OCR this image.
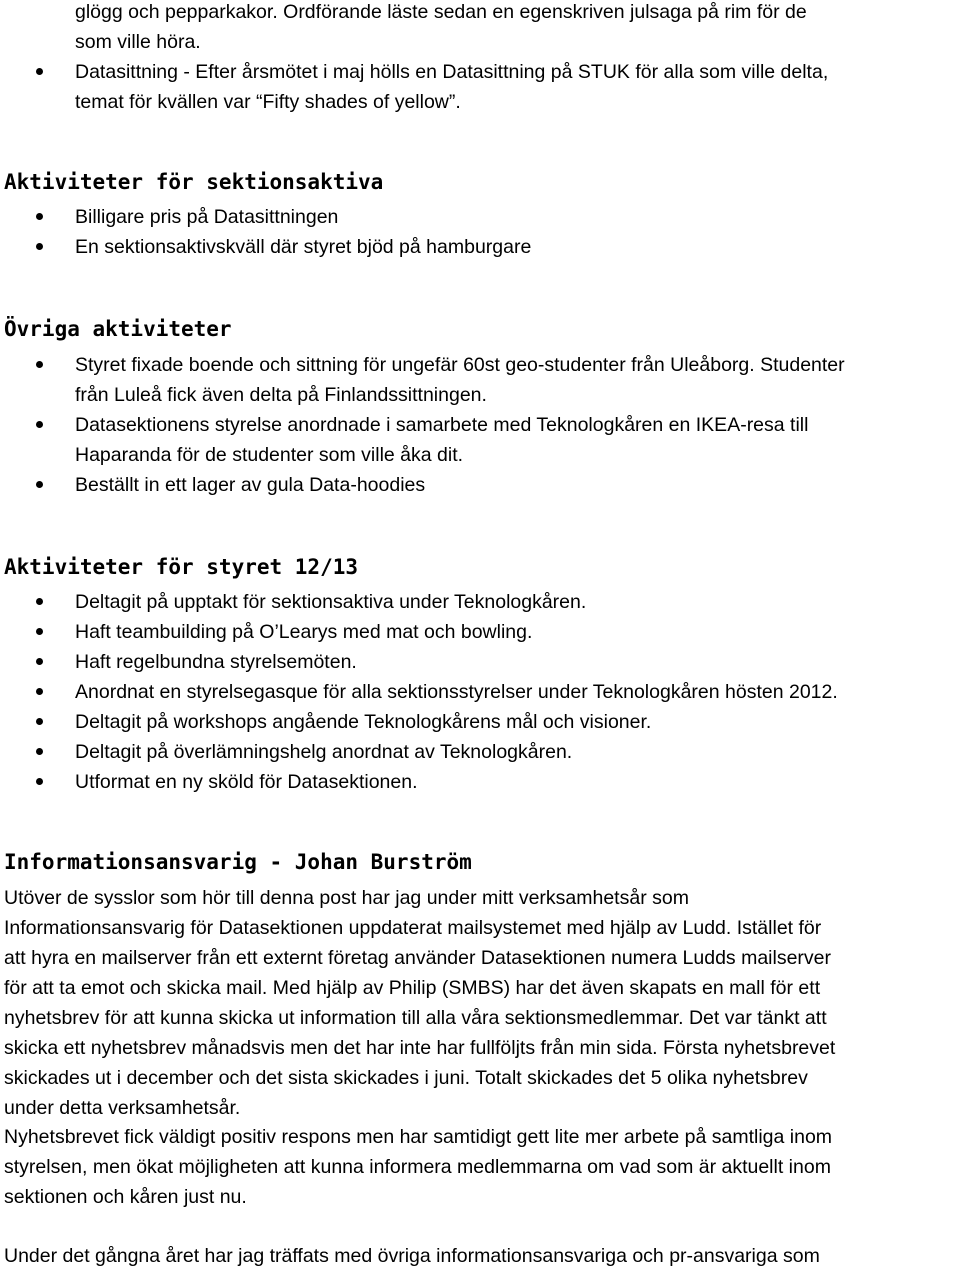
glögg och pepparkakor. Ordförande läste sedan en egenskriven julsaga på rim för de
som ville höra.
Datasittning - Efter årsmötet i maj hölls en Datasittning på STUK för alla som ville delta,
temat för kvällen var “Fifty shades of yellow”.
Aktiviteter för sektionsaktiva
Billigare pris på Datasittningen
En sektionsaktivskväll där styret bjöd på hamburgare
Övriga aktiviteter
Styret fixade boende och sittning för ungefär 60st geo-studenter från Uleåborg. Studenter
från Luleå fick även delta på Finlandssittningen.
Datasektionens styrelse anordnade i samarbete med Teknologkåren en IKEA-resa till
Haparanda för de studenter som ville åka dit.
Beställt in ett lager av gula Data-hoodies
Aktiviteter för styret 12/13
Deltagit på upptakt för sektionsaktiva under Teknologkåren.
Haft teambuilding på O’Learys med mat och bowling.
Haft regelbundna styrelsemöten.
Anordnat en styrelsegasque för alla sektionsstyrelser under Teknologkåren hösten 2012.
Deltagit på workshops angående Teknologkårens mål och visioner.
Deltagit på överlämningshelg anordnat av Teknologkåren.
Utformat en ny sköld för Datasektionen.
Informationsansvarig - Johan Burström

Utöver de sysslor som hör till denna post har jag under mitt verksamhetsår som
Informationsansvarig för Datasektionen uppdaterat mailsystemet med hjälp av Ludd. Istället för
att hyra en mailserver från ett externt företag använder Datasektionen numera Ludds mailserver
för att ta emot och skicka mail. Med hjälp av Philip (SMBS) har det även skapats en mall för ett
nyhetsbrev för att kunna skicka ut information till alla våra sektionsmedlemmar. Det var tänkt att
skicka ett nyhetsbrev månadsvis men det har inte har fullföljts från min sida. Första nyhetsbrevet
skickades ut i december och det sista skickades i juni. Totalt skickades det 5 olika nyhetsbrev
under detta verksamhetsår.

Nyhetsbrevet fick väldigt positiv respons men har samtidigt gett lite mer arbete på samtliga inom
styrelsen, men ökat möjligheten att kunna informera medlemmarna om vad som är aktuellt inom
sektionen och kåren just nu.

Under det gångna året har jag träffats med övriga informationsansvariga och pr-ansvariga som
